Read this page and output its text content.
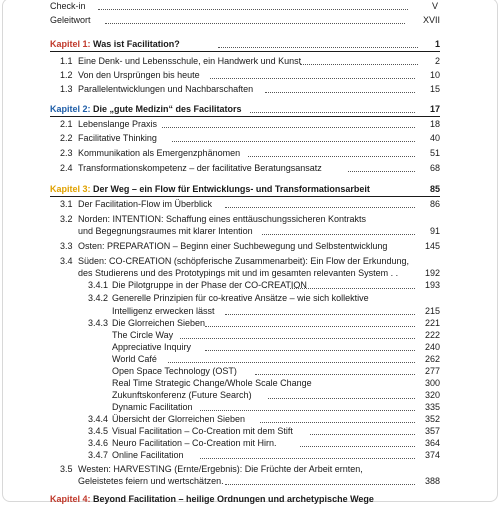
Check-in	V
Geleitwort	XVII
Kapitel 1: Was ist Facilitation?	1
1.1 Eine Denk- und Lebensschule, ein Handwerk und Kunst	2
1.2 Von den Ursprüngen bis heute	10
1.3 Parallelentwicklungen und Nachbarschaften	15
Kapitel 2: Die „gute Medizin“ des Facilitators	17
2.1 Lebenslange Praxis	18
2.2 Facilitative Thinking	40
2.3 Kommunikation als Emergenzphänomen	51
2.4 Transformationskompetenz – der facilitative Beratungsansatz	68
Kapitel 3: Der Weg – ein Flow für Entwicklungs- und Transformationsarbeit	85
3.1 Der Facilitation-Flow im Überblick	86
3.2 Norden: INTENTION: Schaffung eines enttäuschungssicheren Kontrakts
und Begegnungsraumes mit klarer Intention	91
3.3 Osten: PREPARATION – Beginn einer Suchbewegung und Selbstentwicklung	145
3.4 Süden: CO-CREATION (schöpferische Zusammenarbeit): Ein Flow der Erkundung,
des Studierens und des Prototypings mit und im gesamten relevanten System . .	192
3.4.1 Die Pilotgruppe in der Phase der CO-CREATION	193
3.4.2 Generelle Prinzipien für co-kreative Ansätze – wie sich kollektive
Intelligenz erwecken lässt	215
3.4.3 Die Glorreichen Sieben	221
The Circle Way	222
Appreciative Inquiry	240
World Café	262
Open Space Technology (OST)	277
Real Time Strategic Change/Whole Scale Change	300
Zukunftskonferenz (Future Search)	320
Dynamic Facilitation	335
3.4.4 Übersicht der Glorreichen Sieben	352
3.4.5 Visual Facilitation – Co-Creation mit dem Stift	357
3.4.6 Neuro Facilitation – Co-Creation mit Hirn.	364
3.4.7 Online Facilitation	374
3.5 Westen: HARVESTING (Ernte/Ergebnis): Die Früchte der Arbeit ernten,
Geleistetes feiern und wertschätzen.	388
Kapitel 4: Beyond Facilitation – heilige Ordnungen und archetypische Wege
